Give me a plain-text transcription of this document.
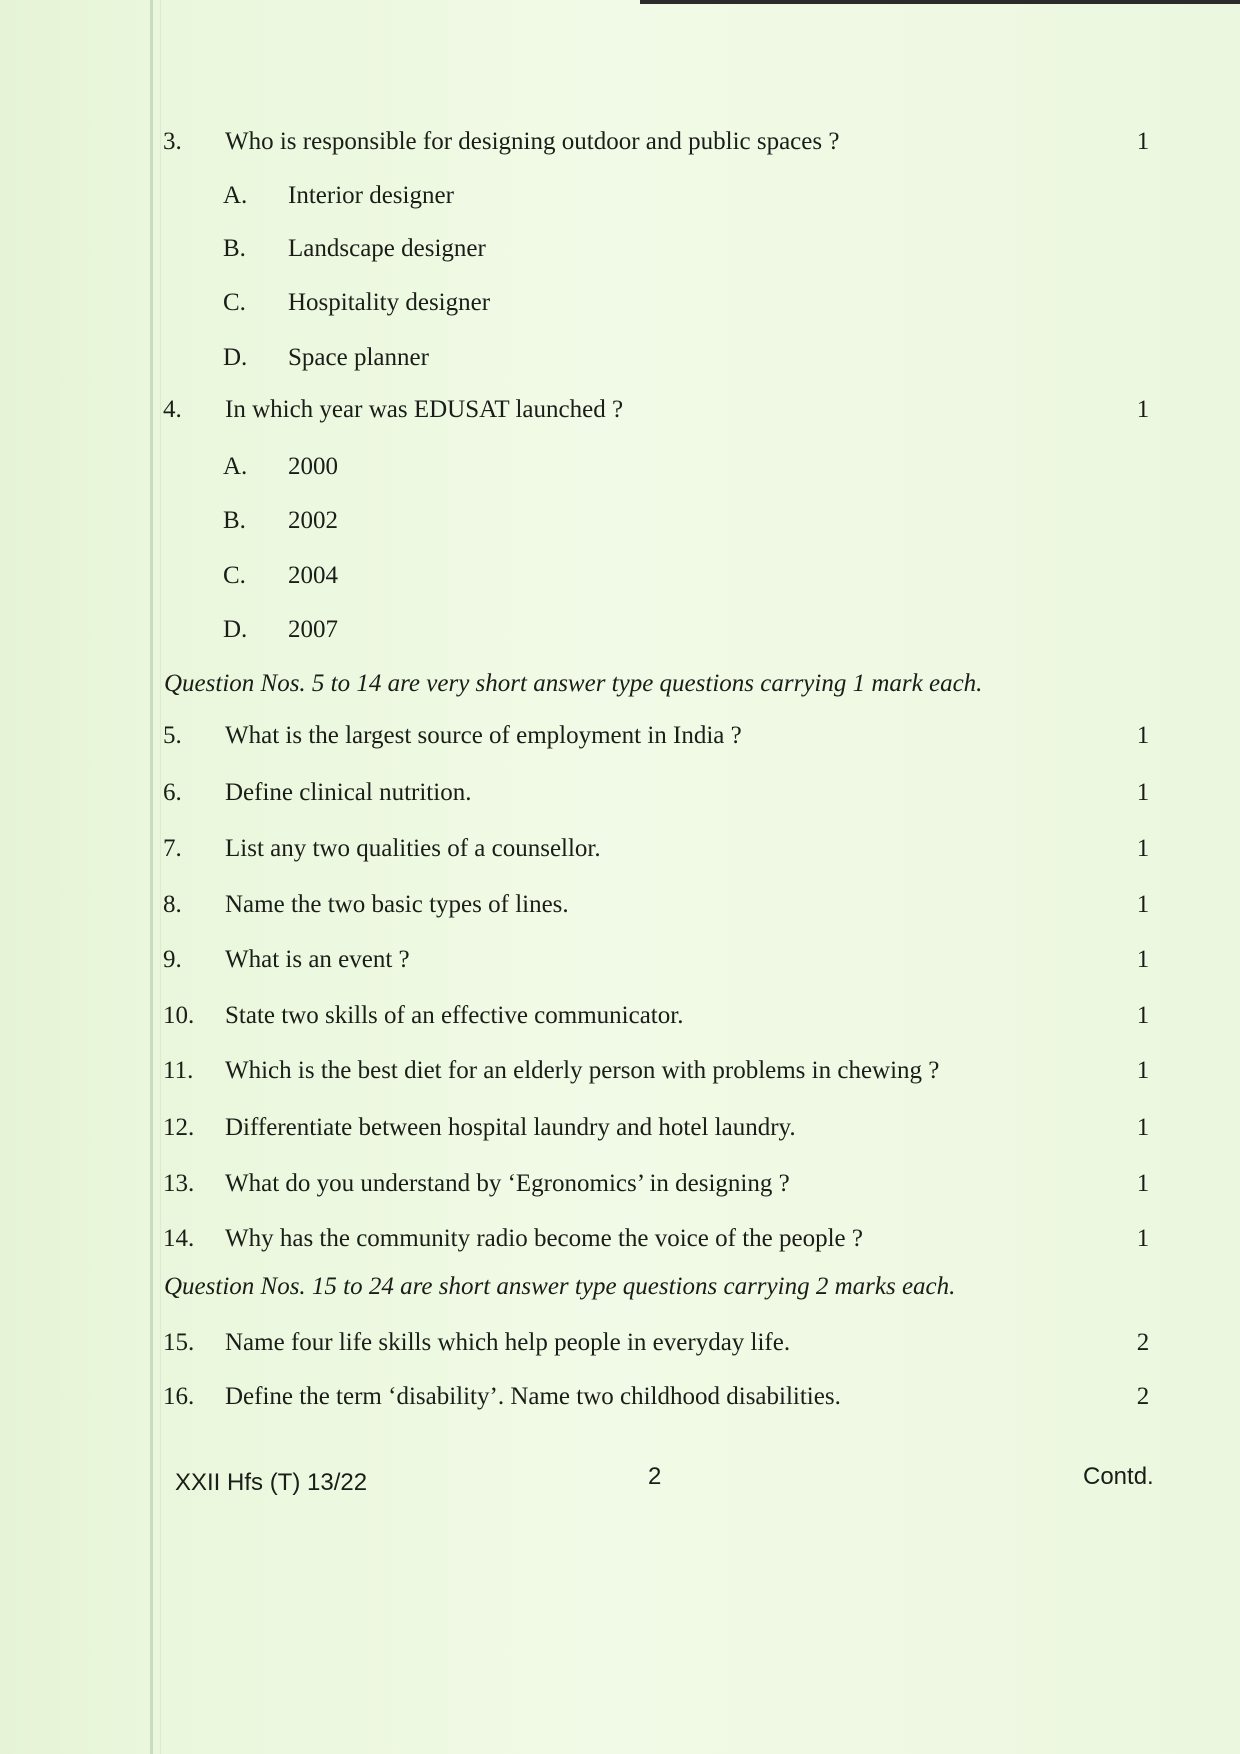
3. Who is responsible for designing outdoor and public spaces ?	1
A. Interior designer
B. Landscape designer
C. Hospitality designer
D. Space planner
4. In which year was EDUSAT launched ?	1
A. 2000
B. 2002
C. 2004
D. 2007
Question Nos. 5 to 14 are very short answer type questions carrying 1 mark each.
5. What is the largest source of employment in India ?	1
6. Define clinical nutrition.	1
7. List any two qualities of a counsellor.	1
8. Name the two basic types of lines.	1
9. What is an event ?	1
10. State two skills of an effective communicator.	1
11. Which is the best diet for an elderly person with problems in chewing ?	1
12. Differentiate between hospital laundry and hotel laundry.	1
13. What do you understand by ‘Egronomics’ in designing ?	1
14. Why has the community radio become the voice of the people ?	1
Question Nos. 15 to 24 are short answer type questions carrying 2 marks each.
15. Name four life skills which help people in everyday life.	2
16. Define the term ‘disability’. Name two childhood disabilities.	2
XXII Hfs (T) 13/22	2	Contd.
